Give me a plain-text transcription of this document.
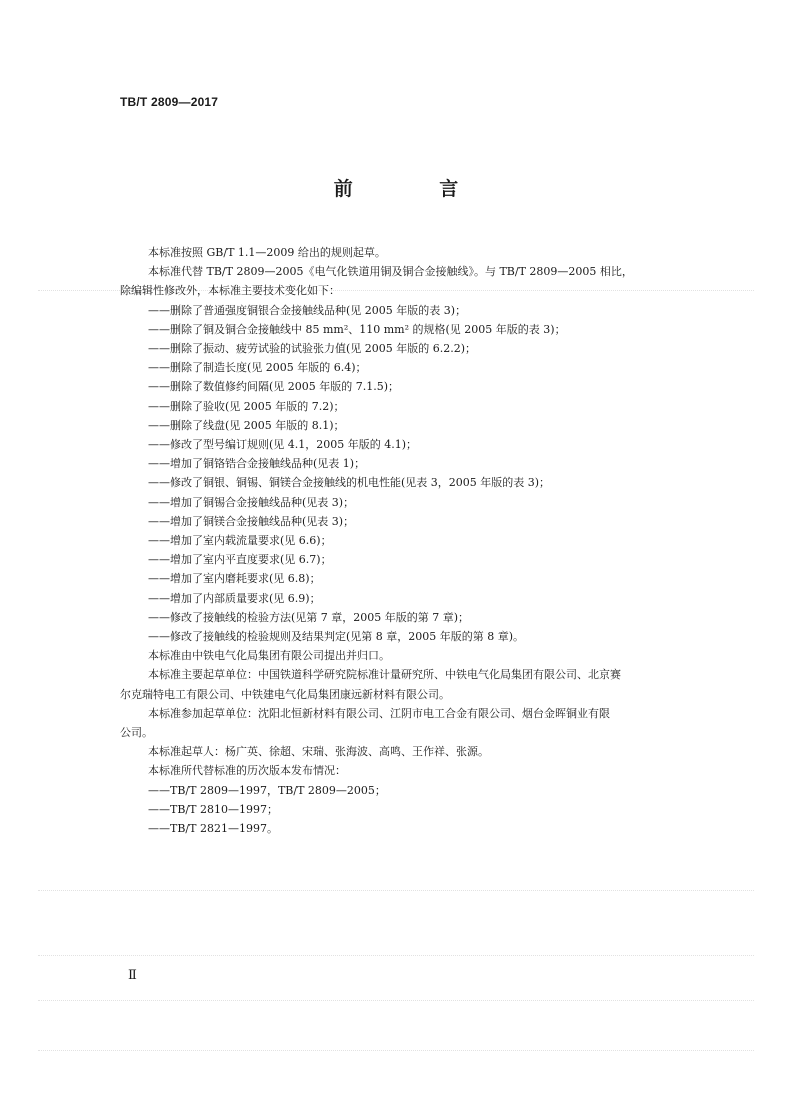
TB/T 2809—2017
前 言
本标准按照 GB/T 1.1—2009 给出的规则起草。
本标准代替 TB/T 2809—2005《电气化铁道用铜及铜合金接触线》。与 TB/T 2809—2005 相比，
除编辑性修改外，本标准主要技术变化如下：
——删除了普通强度铜银合金接触线品种(见 2005 年版的表 3)；
——删除了铜及铜合金接触线中 85 mm²、110 mm² 的规格(见 2005 年版的表 3)；
——删除了振动、疲劳试验的试验张力值(见 2005 年版的 6.2.2)；
——删除了制造长度(见 2005 年版的 6.4)；
——删除了数值修约间隔(见 2005 年版的 7.1.5)；
——删除了验收(见 2005 年版的 7.2)；
——删除了线盘(见 2005 年版的 8.1)；
——修改了型号编订规则(见 4.1，2005 年版的 4.1)；
——增加了铜铬锆合金接触线品种(见表 1)；
——修改了铜银、铜锡、铜镁合金接触线的机电性能(见表 3，2005 年版的表 3)；
——增加了铜锡合金接触线品种(见表 3)；
——增加了铜镁合金接触线品种(见表 3)；
——增加了室内载流量要求(见 6.6)；
——增加了室内平直度要求(见 6.7)；
——增加了室内磨耗要求(见 6.8)；
——增加了内部质量要求(见 6.9)；
——修改了接触线的检验方法(见第 7 章，2005 年版的第 7 章)；
——修改了接触线的检验规则及结果判定(见第 8 章，2005 年版的第 8 章)。
本标准由中铁电气化局集团有限公司提出并归口。
本标准主要起草单位：中国铁道科学研究院标准计量研究所、中铁电气化局集团有限公司、北京赛
尔克瑞特电工有限公司、中铁建电气化局集团康远新材料有限公司。
本标准参加起草单位：沈阳北恒新材料有限公司、江阴市电工合金有限公司、烟台金晖铜业有限
公司。
本标准起草人：杨广英、徐超、宋瑞、张海波、高鸣、王作祥、张源。
本标准所代替标准的历次版本发布情况：
——TB/T 2809—1997，TB/T 2809—2005；
——TB/T 2810—1997；
——TB/T 2821—1997。
Ⅱ
